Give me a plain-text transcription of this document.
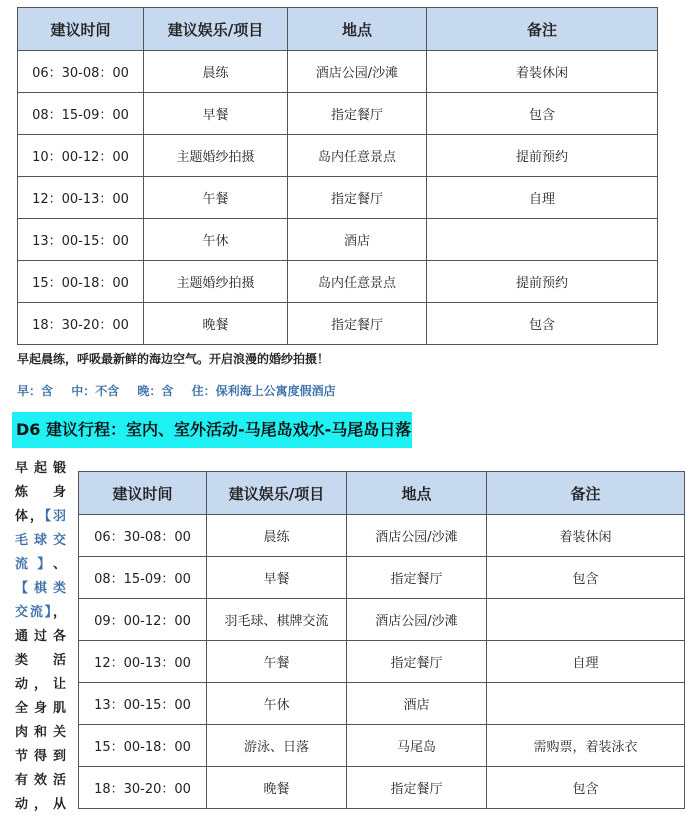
建议时间	建议娱乐/项目	地点	备注
06：30-08：00	晨练	酒店公园/沙滩	着装休闲
08：15-09：00	早餐	指定餐厅	包含
10：00-12：00	主题婚纱拍摄	岛内任意景点	提前预约
12：00-13：00	午餐	指定餐厅	自理
13：00-15：00	午休	酒店	
15：00-18：00	主题婚纱拍摄	岛内任意景点	提前预约
18：30-20：00	晚餐	指定餐厅	包含
早起晨练，呼吸最新鲜的海边空气。开启浪漫的婚纱拍摄！
早：含 中：不含 晚：含 住：保利海上公寓度假酒店
D6 建议行程：室内、室外活动-马尾岛戏水-马尾岛日落
早起锻炼身体，【羽毛球交流】、【棋类交流】，通过各类活动，让全身肌肉和关节得到有效活动，从
建议时间	建议娱乐/项目	地点	备注
06：30-08：00	晨练	酒店公园/沙滩	着装休闲
08：15-09：00	早餐	指定餐厅	包含
09：00-12：00	羽毛球、棋牌交流	酒店公园/沙滩	
12：00-13：00	午餐	指定餐厅	自理
13：00-15：00	午休	酒店	
15：00-18：00	游泳、日落	马尾岛	需购票，着装泳衣
18：30-20：00	晚餐	指定餐厅	包含
